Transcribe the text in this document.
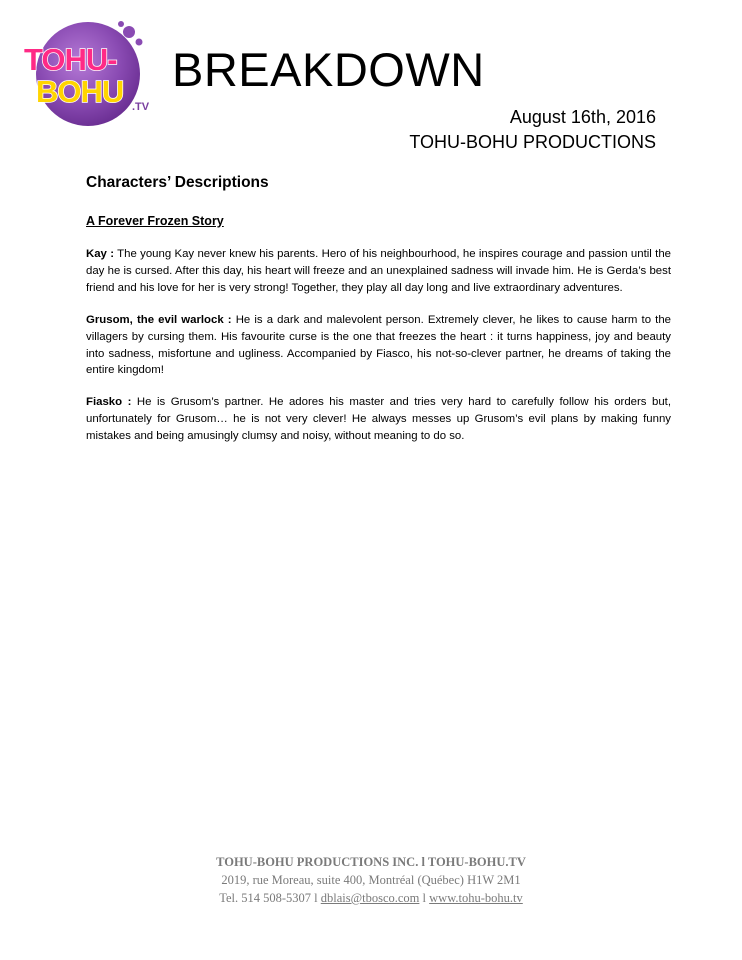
TOHU-
BOHU .TV
BREAKDOWN
August 16th, 2016
TOHU-BOHU PRODUCTIONS

Characters’ Descriptions

A Forever Frozen Story

Kay : The young Kay never knew his parents. Hero of his neighbourhood, he inspires courage and passion until the day he is cursed. After this day, his heart will freeze and an unexplained sadness will invade him. He is Gerda’s best friend and his love for her is very strong! Together, they play all day long and live extraordinary adventures.

Grusom, the evil warlock : He is a dark and malevolent person. Extremely clever, he likes to cause harm to the villagers by cursing them. His favourite curse is the one that freezes the heart : it turns happiness, joy and beauty into sadness, misfortune and ugliness. Accompanied by Fiasco, his not-so-clever partner, he dreams of taking the entire kingdom!

Fiasko : He is Grusom’s partner. He adores his master and tries very hard to carefully follow his orders but, unfortunately for Grusom… he is not very clever! He always messes up Grusom’s evil plans by making funny mistakes and being amusingly clumsy and noisy, without meaning to do so.

TOHU-BOHU PRODUCTIONS INC. l TOHU-BOHU.TV
2019, rue Moreau, suite 400, Montréal (Québec) H1W 2M1
Tel. 514 508-5307 l dblais@tbosco.com l www.tohu-bohu.tv
